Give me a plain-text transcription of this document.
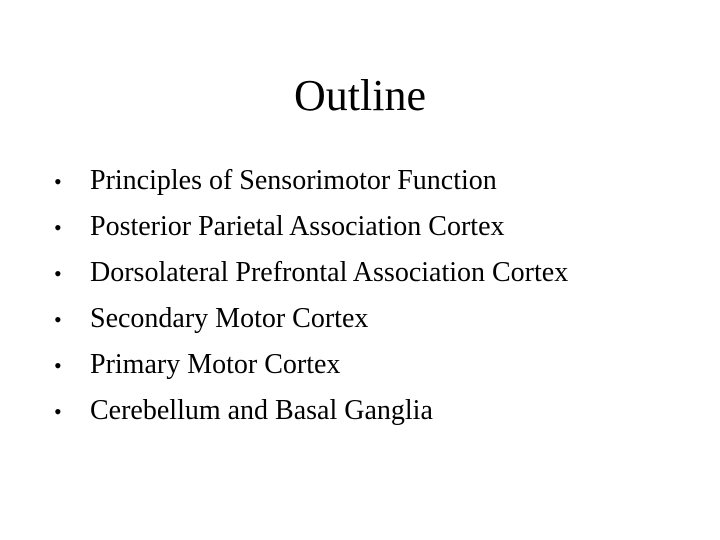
Outline
•	Principles of Sensorimotor Function
•	Posterior Parietal Association Cortex
•	Dorsolateral Prefrontal Association Cortex
•	Secondary Motor Cortex
•	Primary Motor Cortex
•	Cerebellum and Basal Ganglia
